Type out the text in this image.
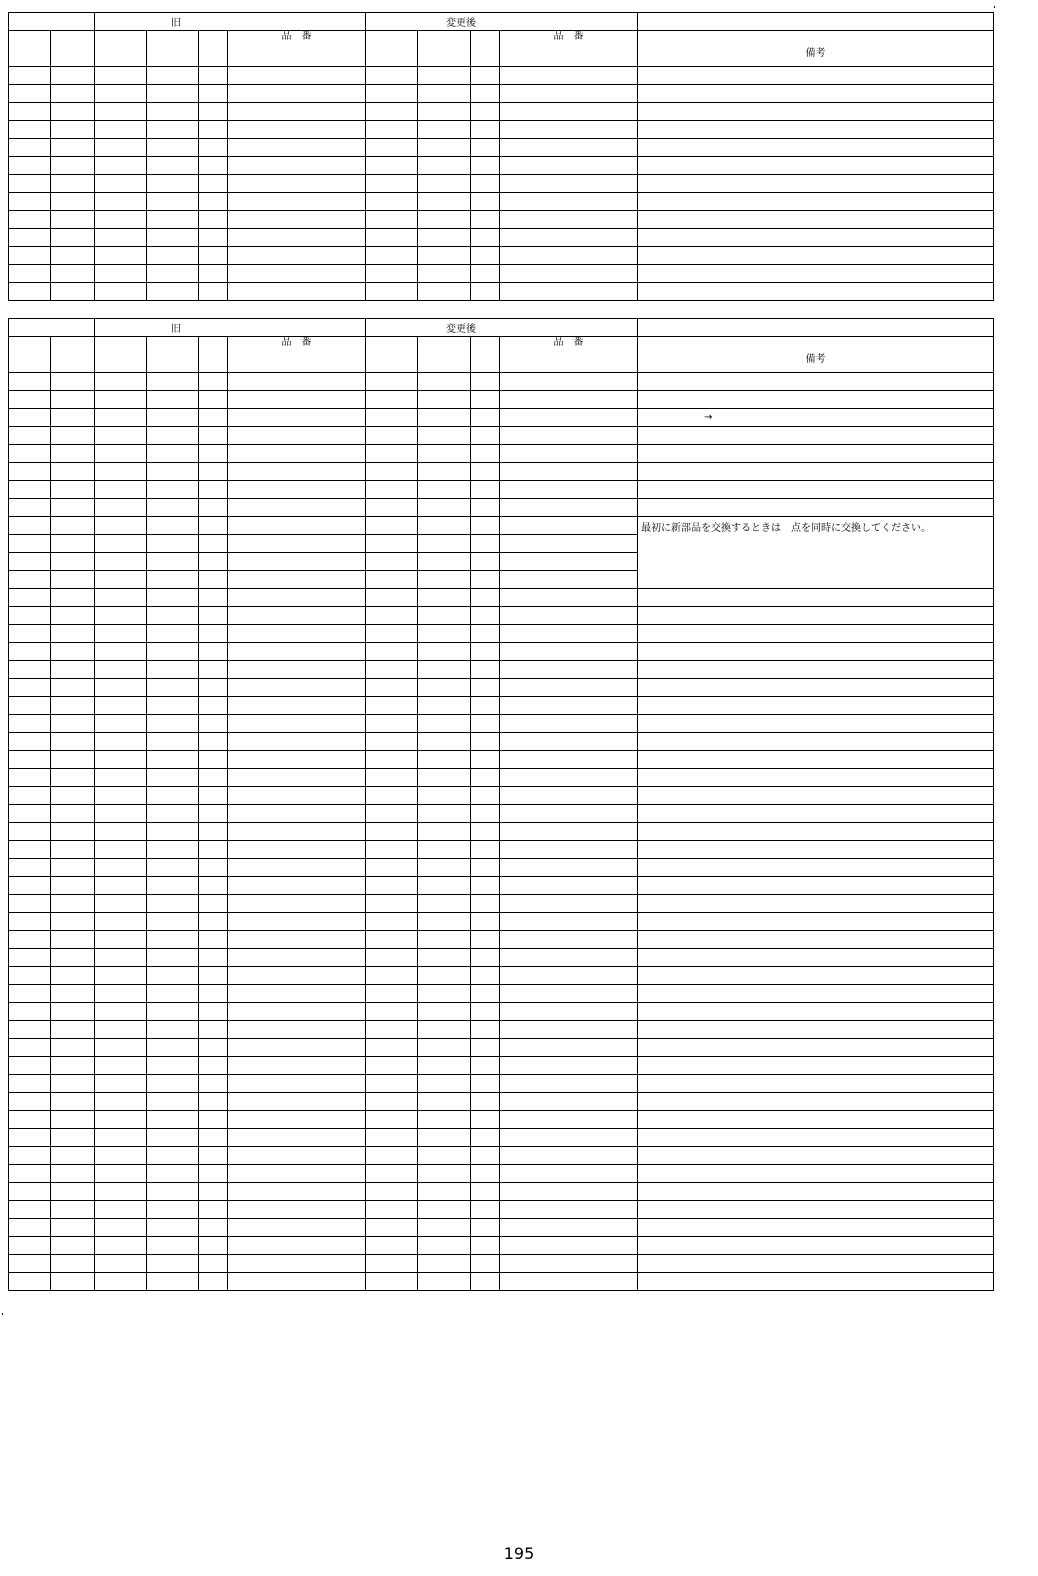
		旧				変更後				
					品　番				品　番	備考

		旧				変更後				
					品　番				品　番	備考

										→

										最初に新部品を交換するときは　点を同時に交換してください。

195
